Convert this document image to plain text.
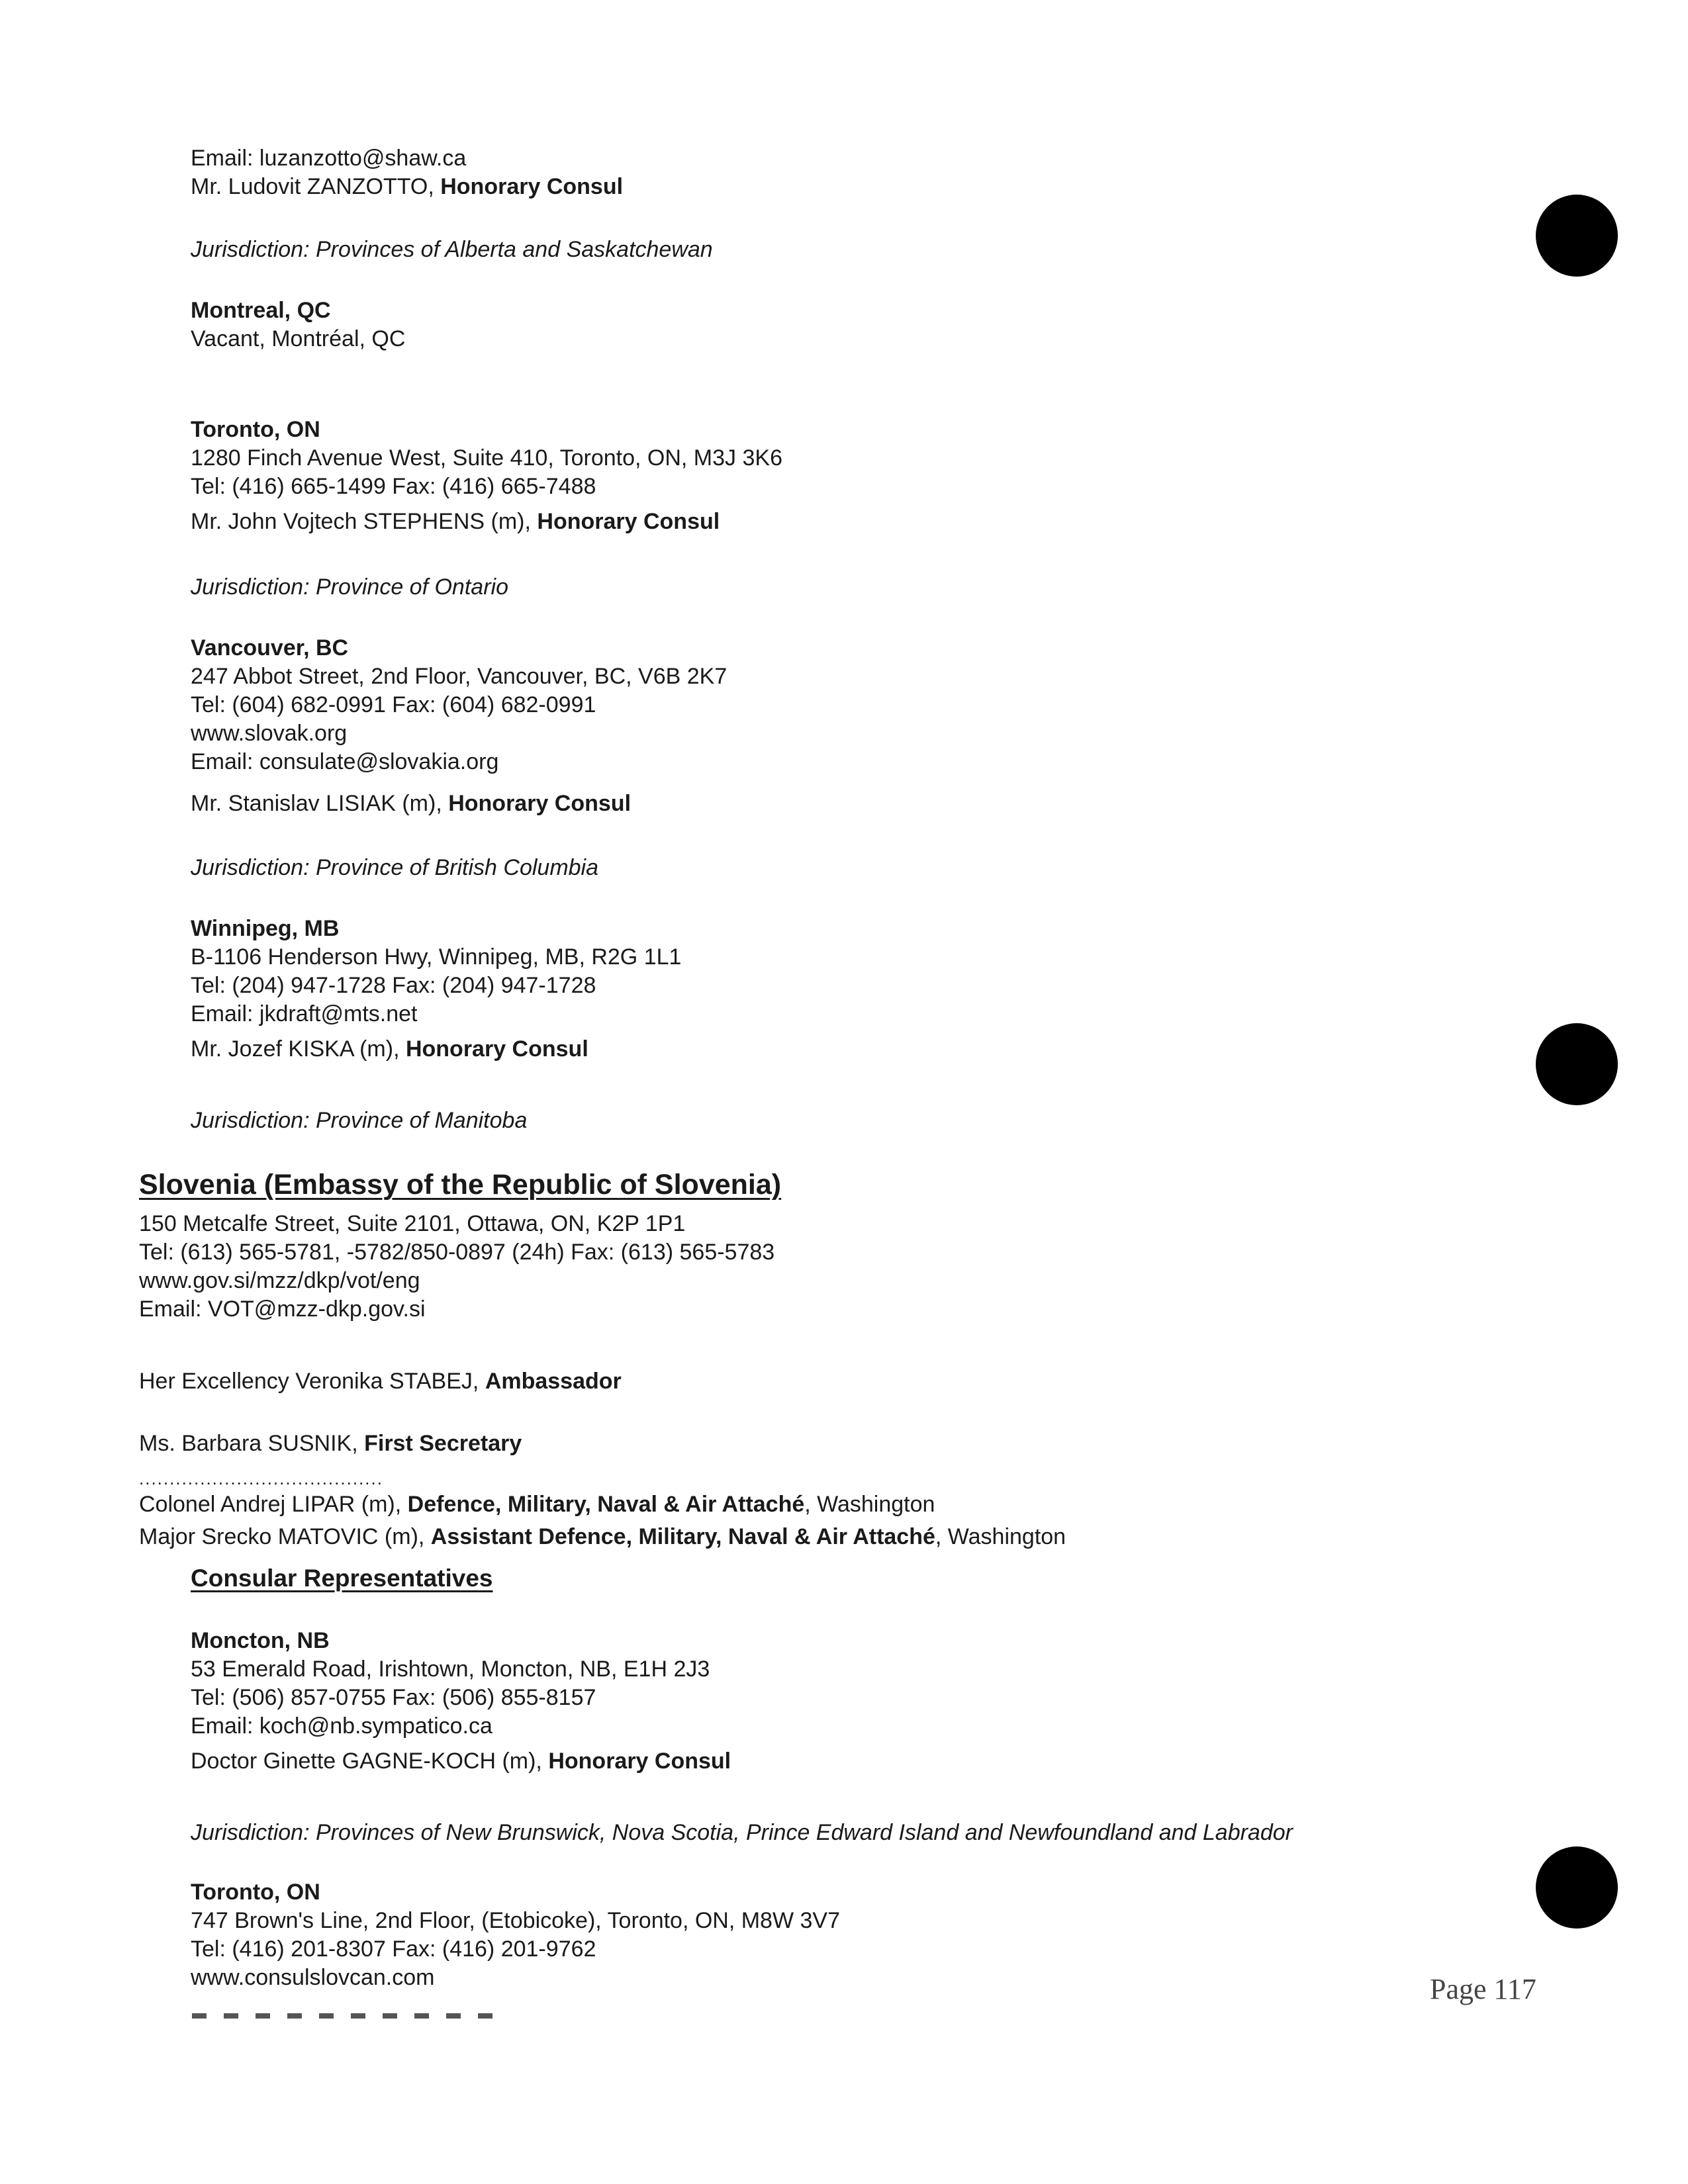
Email: luzanzotto@shaw.ca
Mr. Ludovit ZANZOTTO, Honorary Consul
Jurisdiction: Provinces of Alberta and Saskatchewan
Montreal, QC
Vacant, Montréal, QC
Toronto, ON
1280 Finch Avenue West, Suite 410, Toronto, ON, M3J 3K6
Tel: (416) 665-1499 Fax: (416) 665-7488
Mr. John Vojtech STEPHENS (m), Honorary Consul
Jurisdiction: Province of Ontario
Vancouver, BC
247 Abbot Street, 2nd Floor, Vancouver, BC, V6B 2K7
Tel: (604) 682-0991 Fax: (604) 682-0991
www.slovak.org
Email: consulate@slovakia.org
Mr. Stanislav LISIAK (m), Honorary Consul
Jurisdiction: Province of British Columbia
Winnipeg, MB
B-1106 Henderson Hwy, Winnipeg, MB, R2G 1L1
Tel: (204) 947-1728 Fax: (204) 947-1728
Email: jkdraft@mts.net
Mr. Jozef KISKA (m), Honorary Consul
Jurisdiction: Province of Manitoba
Slovenia (Embassy of the Republic of Slovenia)
150 Metcalfe Street, Suite 2101, Ottawa, ON, K2P 1P1
Tel: (613) 565-5781, -5782/850-0897 (24h) Fax: (613) 565-5783
www.gov.si/mzz/dkp/vot/eng
Email: VOT@mzz-dkp.gov.si
Her Excellency Veronika STABEJ, Ambassador
Ms. Barbara SUSNIK, First Secretary
........................................
Colonel Andrej LIPAR (m), Defence, Military, Naval & Air Attaché, Washington
Major Srecko MATOVIC (m), Assistant Defence, Military, Naval & Air Attaché, Washington
Consular Representatives
Moncton, NB
53 Emerald Road, Irishtown, Moncton, NB, E1H 2J3
Tel: (506) 857-0755 Fax: (506) 855-8157
Email: koch@nb.sympatico.ca
Doctor Ginette GAGNE-KOCH (m), Honorary Consul
Jurisdiction: Provinces of New Brunswick, Nova Scotia, Prince Edward Island and Newfoundland and Labrador
Toronto, ON
747 Brown's Line, 2nd Floor, (Etobicoke), Toronto, ON, M8W 3V7
Tel: (416) 201-8307 Fax: (416) 201-9762
www.consulslovcan.com	Page 117
